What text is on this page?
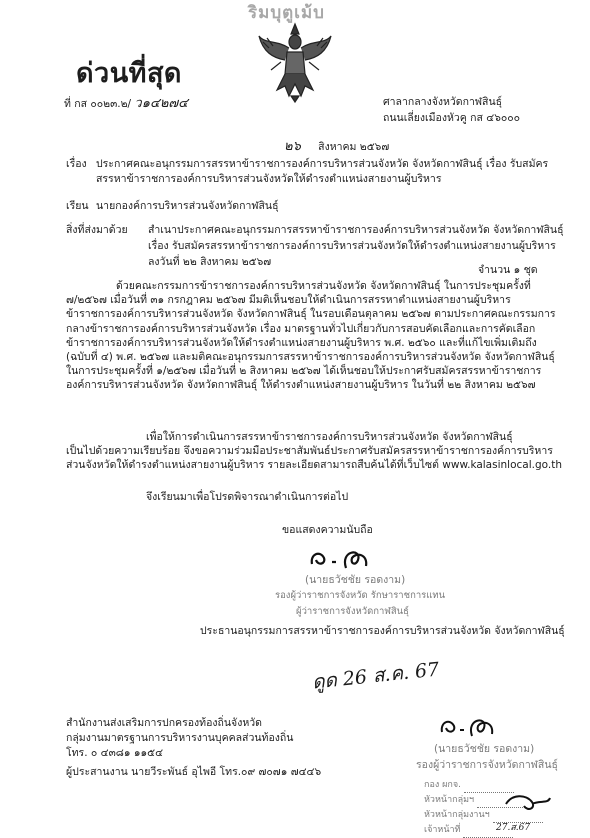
ริมบุตูเม้บ
ด่วนที่สุด
ที่ กส ๐๐๒๓.๒/ ว๑๔๒๗๔	ศาลากลางจังหวัดกาฬสินธุ์
ถนนเลี่ยงเมืองหัวคู กส ๔๖๐๐๐
๒๖ สิงหาคม ๒๕๖๗
เรื่อง ประกาศคณะอนุกรรมการสรรหาข้าราชการองค์การบริหารส่วนจังหวัด จังหวัดกาฬสินธุ์ เรื่อง รับสมัคร
สรรหาข้าราชการองค์การบริหารส่วนจังหวัดให้ดำรงตำแหน่งสายงานผู้บริหาร
เรียน นายกองค์การบริหารส่วนจังหวัดกาฬสินธุ์
สิ่งที่ส่งมาด้วย สำเนาประกาศคณะอนุกรรมการสรรหาข้าราชการองค์การบริหารส่วนจังหวัด จังหวัดกาฬสินธุ์
เรื่อง รับสมัครสรรหาข้าราชการองค์การบริหารส่วนจังหวัดให้ดำรงตำแหน่งสายงานผู้บริหาร
ลงวันที่ ๒๒ สิงหาคม ๒๕๖๗
จำนวน ๑ ชุด
ด้วยคณะกรรมการข้าราชการองค์การบริหารส่วนจังหวัด จังหวัดกาฬสินธุ์ ในการประชุมครั้งที่
๗/๒๕๖๗ เมื่อวันที่ ๓๑ กรกฎาคม ๒๕๖๗ มีมติเห็นชอบให้ดำเนินการสรรหาตำแหน่งสายงานผู้บริหาร
ข้าราชการองค์การบริหารส่วนจังหวัด จังหวัดกาฬสินธุ์ ในรอบเดือนตุลาคม ๒๕๖๗ ตามประกาศคณะกรรมการ
กลางข้าราชการองค์การบริหารส่วนจังหวัด เรื่อง มาตรฐานทั่วไปเกี่ยวกับการสอบคัดเลือกและการคัดเลือก
ข้าราชการองค์การบริหารส่วนจังหวัดให้ดำรงตำแหน่งสายงานผู้บริหาร พ.ศ. ๒๕๖๐ และที่แก้ไขเพิ่มเติมถึง
(ฉบับที่ ๔) พ.ศ. ๒๕๖๗ และมติคณะอนุกรรมการสรรหาข้าราชการองค์การบริหารส่วนจังหวัด จังหวัดกาฬสินธุ์
ในการประชุมครั้งที่ ๑/๒๕๖๗ เมื่อวันที่ ๒ สิงหาคม ๒๕๖๗ ได้เห็นชอบให้ประกาศรับสมัครสรรหาข้าราชการ
องค์การบริหารส่วนจังหวัด จังหวัดกาฬสินธุ์ ให้ดำรงตำแหน่งสายงานผู้บริหาร ในวันที่ ๒๒ สิงหาคม ๒๕๖๗
เพื่อให้การดำเนินการสรรหาข้าราชการองค์การบริหารส่วนจังหวัด จังหวัดกาฬสินธุ์
เป็นไปด้วยความเรียบร้อย จึงขอความร่วมมือประชาสัมพันธ์ประกาศรับสมัครสรรหาข้าราชการองค์การบริหาร
ส่วนจังหวัดให้ดำรงตำแหน่งสายงานผู้บริหาร รายละเอียดสามารถสืบค้นได้ที่เว็บไซต์ www.kalasinlocal.go.th
จึงเรียนมาเพื่อโปรดพิจารณาดำเนินการต่อไป
ขอแสดงความนับถือ
(นายธวัชชัย รอดงาม)
รองผู้ว่าราชการจังหวัด รักษาราชการแทน
ผู้ว่าราชการจังหวัดกาฬสินธุ์
ประธานอนุกรรมการสรรหาข้าราชการองค์การบริหารส่วนจังหวัด จังหวัดกาฬสินธุ์
ดูด 26 ส.ค. 67
สำนักงานส่งเสริมการปกครองท้องถิ่นจังหวัด
กลุ่มงานมาตรฐานการบริหารงานบุคคลส่วนท้องถิ่น
โทร. ๐ ๔๓๘๑ ๑๑๕๔
ผู้ประสานงาน นายวีระพันธ์ อุไพอี โทร.๐๙ ๗๐๗๑ ๗๔๔๖
(นายธวัชชัย รอดงาม)
รองผู้ว่าราชการจังหวัดกาฬสินธุ์
กอง ผกจ.
หัวหน้ากลุ่มฯ
หัวหน้ากลุ่มงานฯ
เจ้าหน้าที่	27.ส.67
